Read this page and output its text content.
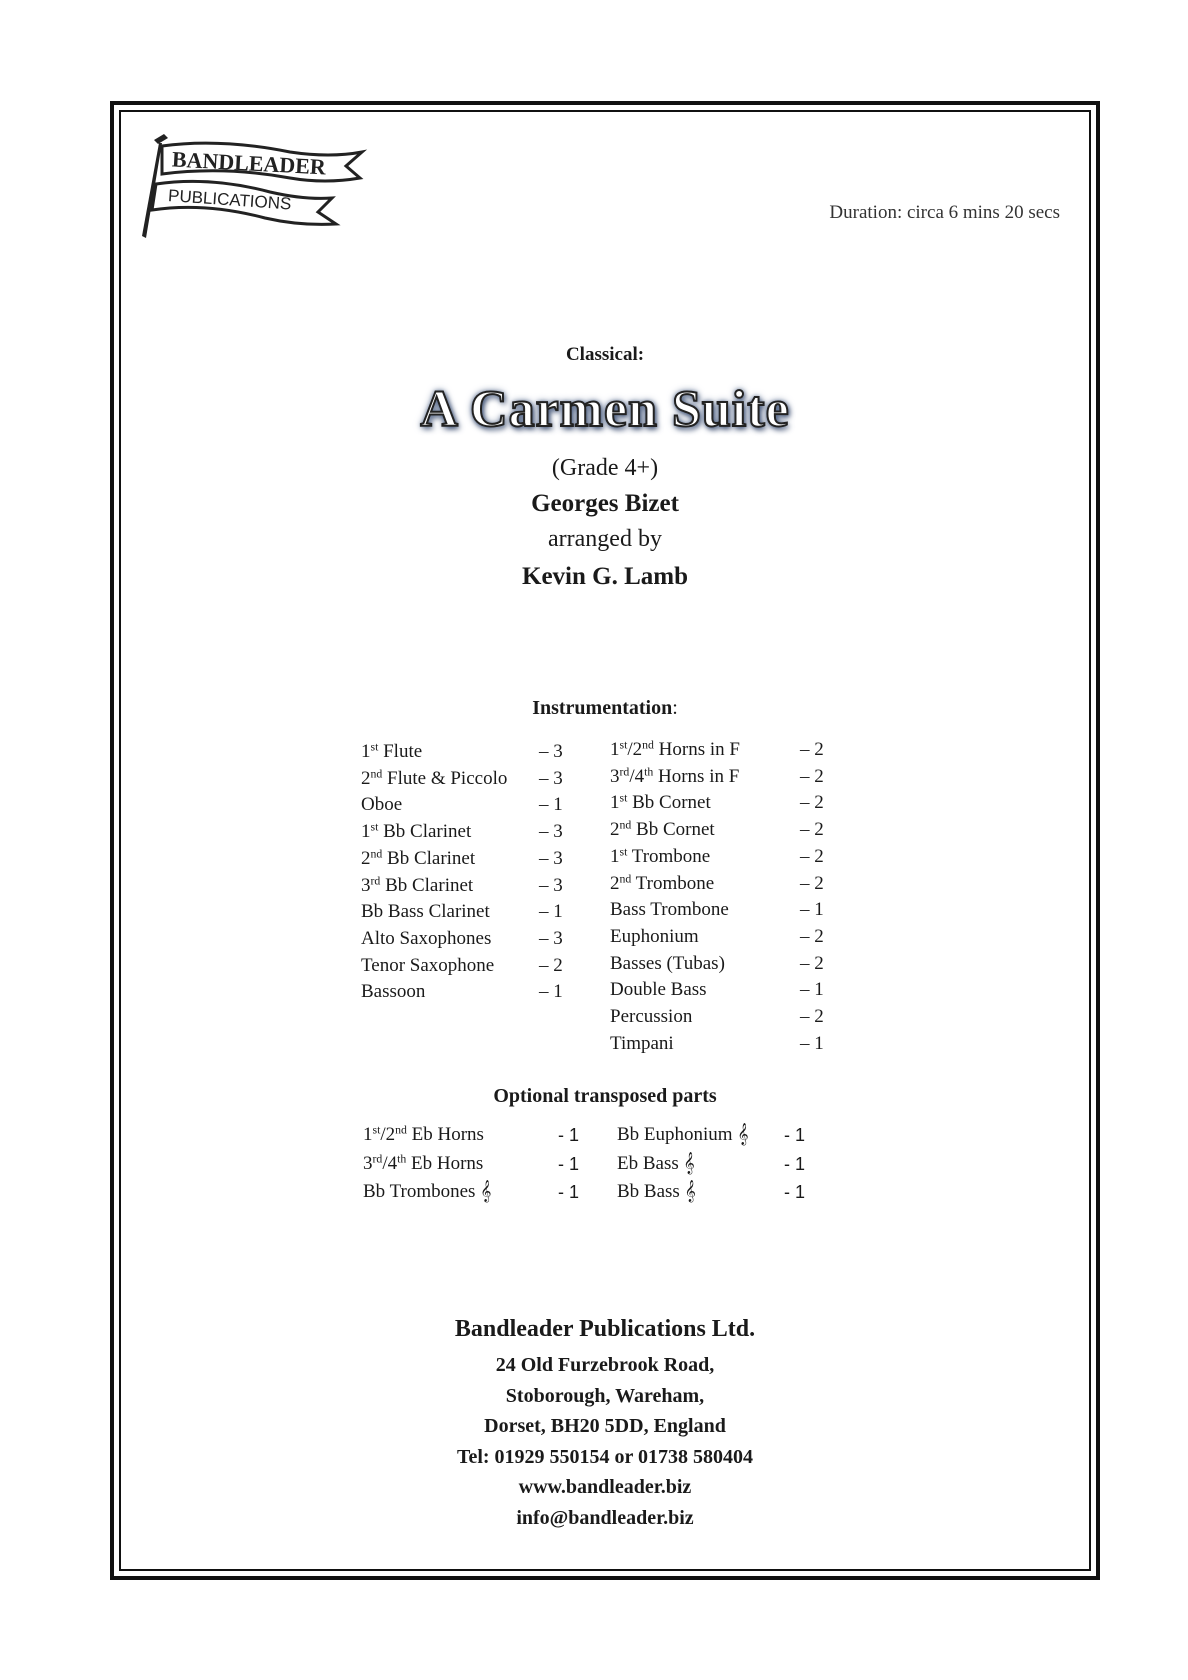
BANDLEADER
PUBLICATIONS	Duration: circa 6 mins 20 secs
Classical:
A Carmen Suite
(Grade 4+)
Georges Bizet
arranged by
Kevin G. Lamb
Instrumentation:
1st Flute	– 3
2nd Flute & Piccolo	– 3
Oboe	– 1
1st Bb Clarinet	– 3
2nd Bb Clarinet	– 3
3rd Bb Clarinet	– 3
Bb Bass Clarinet	– 1
Alto Saxophones	– 3
Tenor Saxophone	– 2
Bassoon	– 1
1st/2nd Horns in F	– 2
3rd/4th Horns in F	– 2
1st Bb Cornet	– 2
2nd Bb Cornet	– 2
1st Trombone	– 2
2nd Trombone	– 2
Bass Trombone	– 1
Euphonium	– 2
Basses (Tubas)	– 2
Double Bass	– 1
Percussion	– 2
Timpani	– 1
Optional transposed parts
1st/2nd Eb Horns	- 1
3rd/4th Eb Horns	- 1
Bb Trombones 𝄞	- 1
Bb Euphonium 𝄞	- 1
Eb Bass 𝄞	- 1
Bb Bass 𝄞	- 1
Bandleader Publications Ltd.
24 Old Furzebrook Road,
Stoborough, Wareham,
Dorset, BH20 5DD, England
Tel: 01929 550154 or 01738 580404
www.bandleader.biz
info@bandleader.biz
